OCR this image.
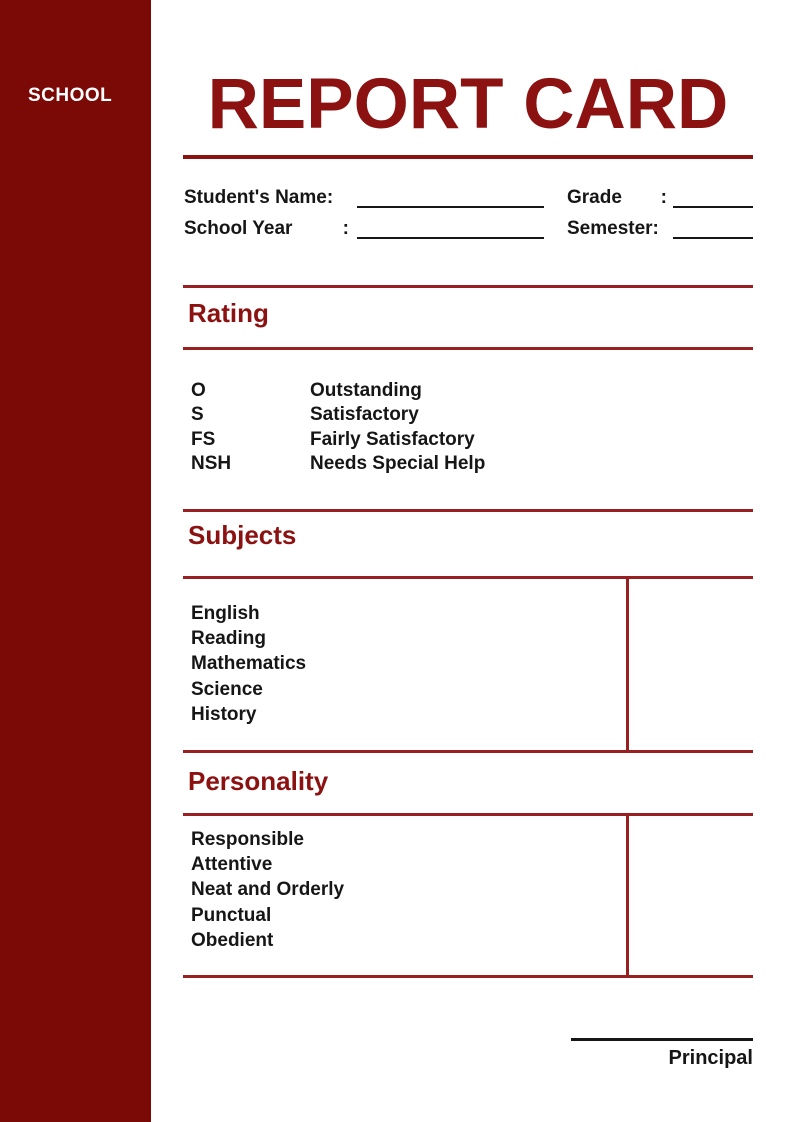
SCHOOL	REPORT CARD
Student's Name:	Grade :
School Year	:	Semester:
Rating
O	Outstanding
S	Satisfactory
FS	Fairly Satisfactory
NSH	Needs Special Help
Subjects
English
Reading
Mathematics
Science
History
Personality
Responsible
Attentive
Neat and Orderly
Punctual
Obedient
Principal
